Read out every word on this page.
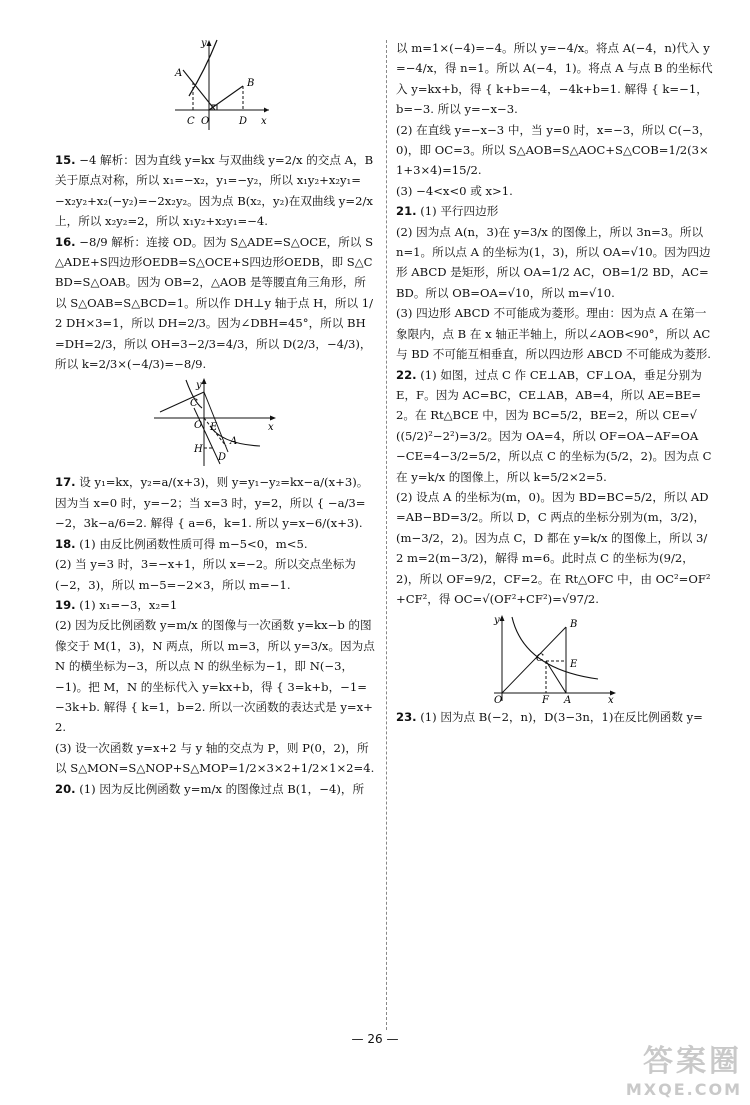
y
A
B
C O	D x

15. −4 解析：因为直线 y=kx 与双曲线 y=2/x 的交点 A，B 关于原点对称，所以 x₁=−x₂，y₁=−y₂，所以 x₁y₂+x₂y₁=−x₂y₂+x₂(−y₂)=−2x₂y₂。因为点 B(x₂，y₂)在双曲线 y=2/x 上，所以 x₂y₂=2，所以 x₁y₂+x₂y₁=−4.

16. −8/9 解析：连接 OD。因为 S△ADE=S△OCE，所以 S△ADE+S四边形OEDB=S△OCE+S四边形OEDB，即 S△CBD=S△OAB。因为 OB=2，△AOB 是等腰直角三角形，所以 S△OAB=S△BCD=1。所以作 DH⊥y 轴于点 H，所以 1/2 DH×3=1，所以 DH=2/3。因为∠DBH=45°，所以 BH=DH=2/3，所以 OH=3−2/3=4/3，所以 D(2/3，−4/3)，所以 k=2/3×(−4/3)=−8/9.

y
C
O E	x
A
H
D

17. 设 y₁=kx，y₂=a/(x+3)，则 y=y₁−y₂=kx−a/(x+3)。因为当 x=0 时，y=−2；当 x=3 时，y=2，所以 { −a/3=−2，3k−a/6=2. 解得 { a=6，k=1. 所以 y=x−6/(x+3).

18. (1) 由反比例函数性质可得 m−5<0，m<5.
(2) 当 y=3 时，3=−x+1，所以 x=−2。所以交点坐标为(−2，3)，所以 m−5=−2×3，所以 m=−1.

19. (1) x₁=−3，x₂=1
(2) 因为反比例函数 y=m/x 的图像与一次函数 y=kx−b 的图像交于 M(1，3)，N 两点，所以 m=3，所以 y=3/x。因为点 N 的横坐标为−3，所以点 N 的纵坐标为−1，即 N(−3，−1)。把 M，N 的坐标代入 y=kx+b，得 { 3=k+b，−1=−3k+b. 解得 { k=1，b=2. 所以一次函数的表达式是 y=x+2.
(3) 设一次函数 y=x+2 与 y 轴的交点为 P，则 P(0，2)，所以 S△MON=S△NOP+S△MOP=1/2×3×2+1/2×1×2=4.

20. (1) 因为反比例函数 y=m/x 的图像过点 B(1，−4)，所

以 m=1×(−4)=−4。所以 y=−4/x。将点 A(−4，n)代入 y=−4/x，得 n=1。所以 A(−4，1)。将点 A 与点 B 的坐标代入 y=kx+b，得 { k+b=−4，−4k+b=1. 解得 { k=−1，b=−3. 所以 y=−x−3.
(2) 在直线 y=−x−3 中，当 y=0 时，x=−3，所以 C(−3，0)，即 OC=3。所以 S△AOB=S△AOC+S△COB=1/2(3×1+3×4)=15/2.
(3) −4<x<0 或 x>1.

21. (1) 平行四边形
(2) 因为点 A(n，3)在 y=3/x 的图像上，所以 3n=3。所以 n=1。所以点 A 的坐标为(1，3)，所以 OA=√10。因为四边形 ABCD 是矩形，所以 OA=1/2 AC，OB=1/2 BD，AC=BD。所以 OB=OA=√10，所以 m=√10.
(3) 四边形 ABCD 不可能成为菱形。理由：因为点 A 在第一象限内，点 B 在 x 轴正半轴上，所以∠AOB<90°，所以 AC 与 BD 不可能互相垂直，所以四边形 ABCD 不可能成为菱形.

22. (1) 如图，过点 C 作 CE⊥AB，CF⊥OA，垂足分别为 E，F。因为 AC=BC，CE⊥AB，AB=4，所以 AE=BE=2。在 Rt△BCE 中，因为 BC=5/2，BE=2，所以 CE=√((5/2)²−2²)=3/2。因为 OA=4，所以 OF=OA−AF=OA−CE=4−3/2=5/2，所以点 C 的坐标为(5/2，2)。因为点 C 在 y=k/x 的图像上，所以 k=5/2×2=5.
(2) 设点 A 的坐标为(m，0)。因为 BD=BC=5/2，所以 AD=AB−BD=3/2。所以 D，C 两点的坐标分别为(m，3/2)，(m−3/2，2)。因为点 C，D 都在 y=k/x 的图像上，所以 3/2 m=2(m−3/2)，解得 m=6。此时点 C 的坐标为(9/2，2)，所以 OF=9/2，CF=2。在 Rt△OFC 中，由 OC²=OF²+CF²，得 OC=√(OF²+CF²)=√97/2.

y	B
C
E
O	F A	x

23. (1) 因为点 B(−2，n)，D(3−3n，1)在反比例函数 y=

— 26 —
答案圈
MXQE.COM
